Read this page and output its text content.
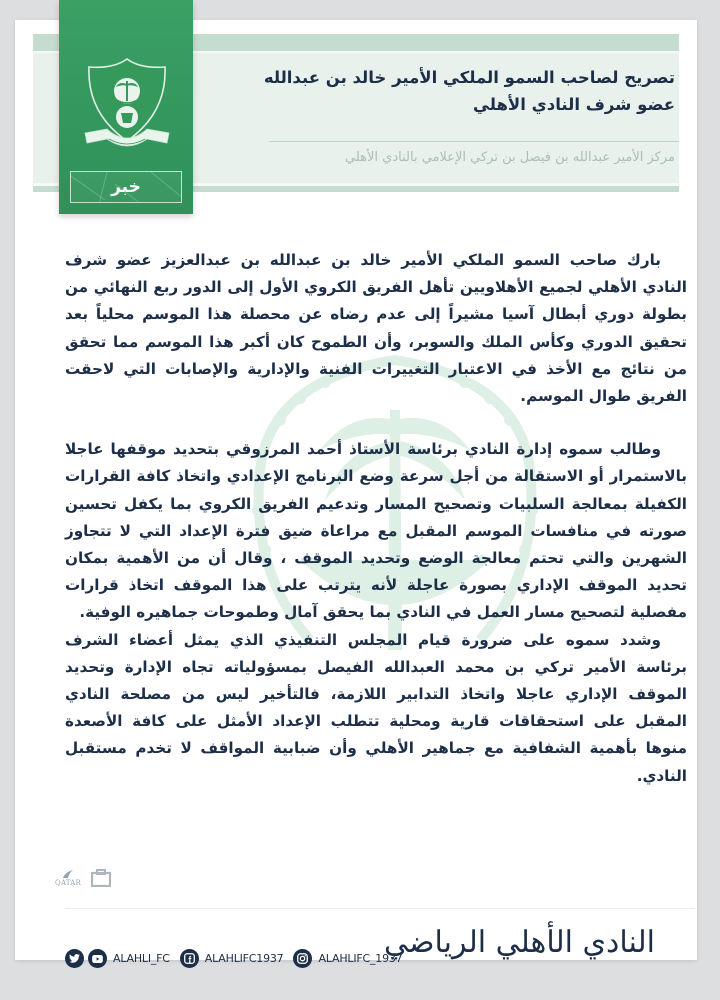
تصريح لصاحب السمو الملكي الأمير خالد بن عبدالله
عضو شرف النادي الأهلي
مركز الأمير عبدالله بن فيصل بن تركي الإعلامي بالنادي الأهلي

بارك صاحب السمو الملكي الأمير خالد بن عبدالله بن عبدالعزيز عضو شرف النادي الأهلي لجميع الأهلاويين تأهل الفريق الكروي الأول إلى الدور ربع النهائي من بطولة دوري أبطال آسيا مشيراً إلى عدم رضاه عن محصلة هذا الموسم محلياً بعد تحقيق الدوري وكأس الملك والسوبر، وأن الطموح كان أكبر هذا الموسم مما تحقق من نتائج مع الأخذ في الاعتبار التغييرات الفنية والإدارية والإصابات التي لاحقت الفريق طوال الموسم.

وطالب سموه إدارة النادي برئاسة الأستاذ أحمد المرزوقي بتحديد موقفها عاجلا بالاستمرار أو الاستقالة من أجل سرعة وضع البرنامج الإعدادي واتخاذ كافة القرارات الكفيلة بمعالجة السلبيات وتصحيح المسار وتدعيم الفريق الكروي بما يكفل تحسين صورته في منافسات الموسم المقبل مع مراعاة ضيق فترة الإعداد التي لا تتجاوز الشهرين والتي تحتم معالجة الوضع وتحديد الموقف ، وقال أن من الأهمية بمكان تحديد الموقف الإداري بصورة عاجلة لأنه يترتب على هذا الموقف اتخاذ قرارات مفصلية لتصحيح مسار العمل في النادي بما يحقق آمال وطموحات جماهيره الوفية.

وشدد سموه على ضرورة قيام المجلس التنفيذي الذي يمثل أعضاء الشرف برئاسة الأمير تركي بن محمد العبدالله الفيصل بمسؤولياته تجاه الإدارة وتحديد الموقف الإداري عاجلا واتخاذ التدابير اللازمة، فالتأخير ليس من مصلحة النادي المقبل على استحقاقات قارية ومحلية تتطلب الإعداد الأمثل على كافة الأصعدة منوها بأهمية الشفافية مع جماهير الأهلي وأن ضبابية المواقف لا تخدم مستقبل النادي.

QATAR
ALAHLI_FC	ALAHLIFC1937	ALAHLIFC_1937
النادي الأهلي الرياضي
خبر
